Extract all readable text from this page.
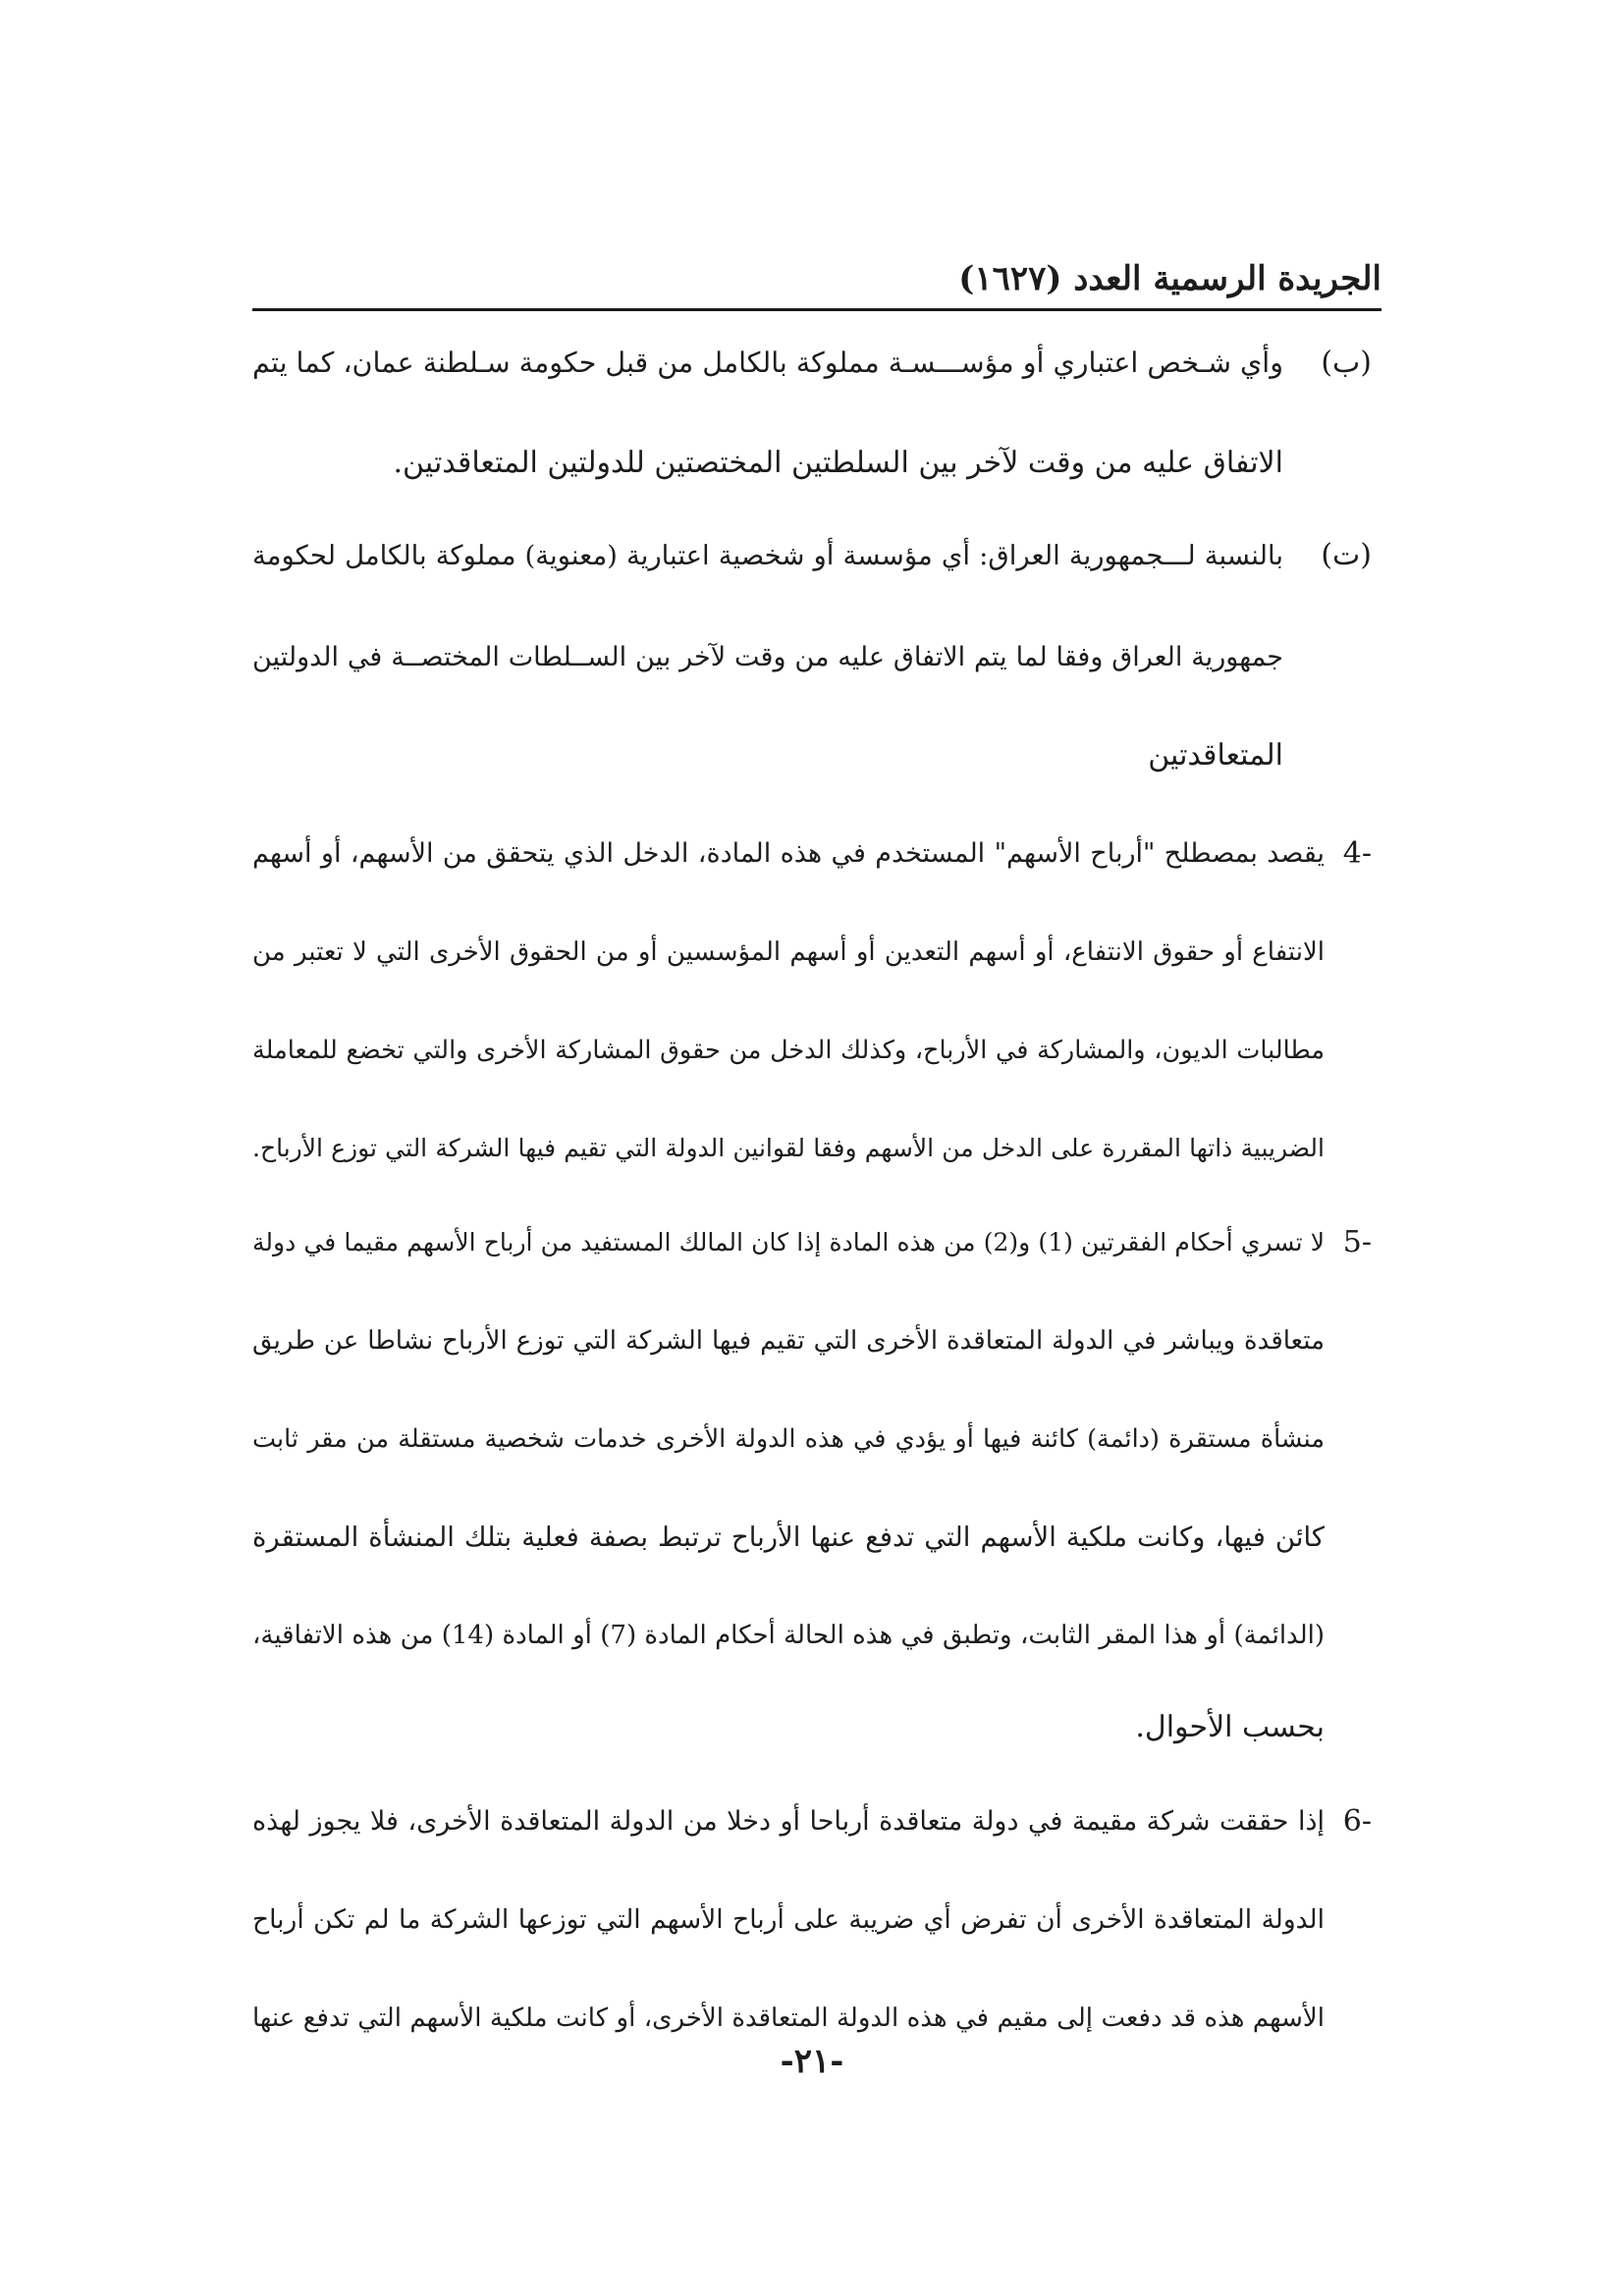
الجريدة الرسمية العدد (١٦٢٧)
(ب)
وأي شـخص اعتباري أو مؤســـسـة مملوكة بالكامل من قبل حكومة سـلطنة عمان، كما يتم
الاتفاق عليه من وقت لآخر بين السلطتين المختصتين للدولتين المتعاقدتين.
(ت)
بالنسبة لـــجمهورية العراق: أي مؤسسة أو شخصية اعتبارية (معنوية) مملوكة بالكامل لحكومة
جمهورية العراق وفقا لما يتم الاتفاق عليه من وقت لآخر بين الســلطات المختصــة في الدولتين
المتعاقدتين
-4
يقصد بمصطلح "أرباح الأسهم" المستخدم في هذه المادة، الدخل الذي يتحقق من الأسهم، أو أسهم
الانتفاع أو حقوق الانتفاع، أو أسهم التعدين أو أسهم المؤسسين أو من الحقوق الأخرى التي لا تعتبر من
مطالبات الديون، والمشاركة في الأرباح، وكذلك الدخل من حقوق المشاركة الأخرى والتي تخضع للمعاملة
الضريبية ذاتها المقررة على الدخل من الأسهم وفقا لقوانين الدولة التي تقيم فيها الشركة التي توزع الأرباح.
-5
لا تسري أحكام الفقرتين (1) و(2) من هذه المادة إذا كان المالك المستفيد من أرباح الأسهم مقيما في دولة
متعاقدة ويباشر في الدولة المتعاقدة الأخرى التي تقيم فيها الشركة التي توزع الأرباح نشاطا عن طريق
منشأة مستقرة (دائمة) كائنة فيها أو يؤدي في هذه الدولة الأخرى خدمات شخصية مستقلة من مقر ثابت
كائن فيها، وكانت ملكية الأسهم التي تدفع عنها الأرباح ترتبط بصفة فعلية بتلك المنشأة المستقرة
(الدائمة) أو هذا المقر الثابت، وتطبق في هذه الحالة أحكام المادة (7) أو المادة (14) من هذه الاتفاقية،
بحسب الأحوال.
-6
إذا حققت شركة مقيمة في دولة متعاقدة أرباحا أو دخلا من الدولة المتعاقدة الأخرى، فلا يجوز لهذه
الدولة المتعاقدة الأخرى أن تفرض أي ضريبة على أرباح الأسهم التي توزعها الشركة ما لم تكن أرباح
الأسهم هذه قد دفعت إلى مقيم في هذه الدولة المتعاقدة الأخرى، أو كانت ملكية الأسهم التي تدفع عنها
-٢١-
